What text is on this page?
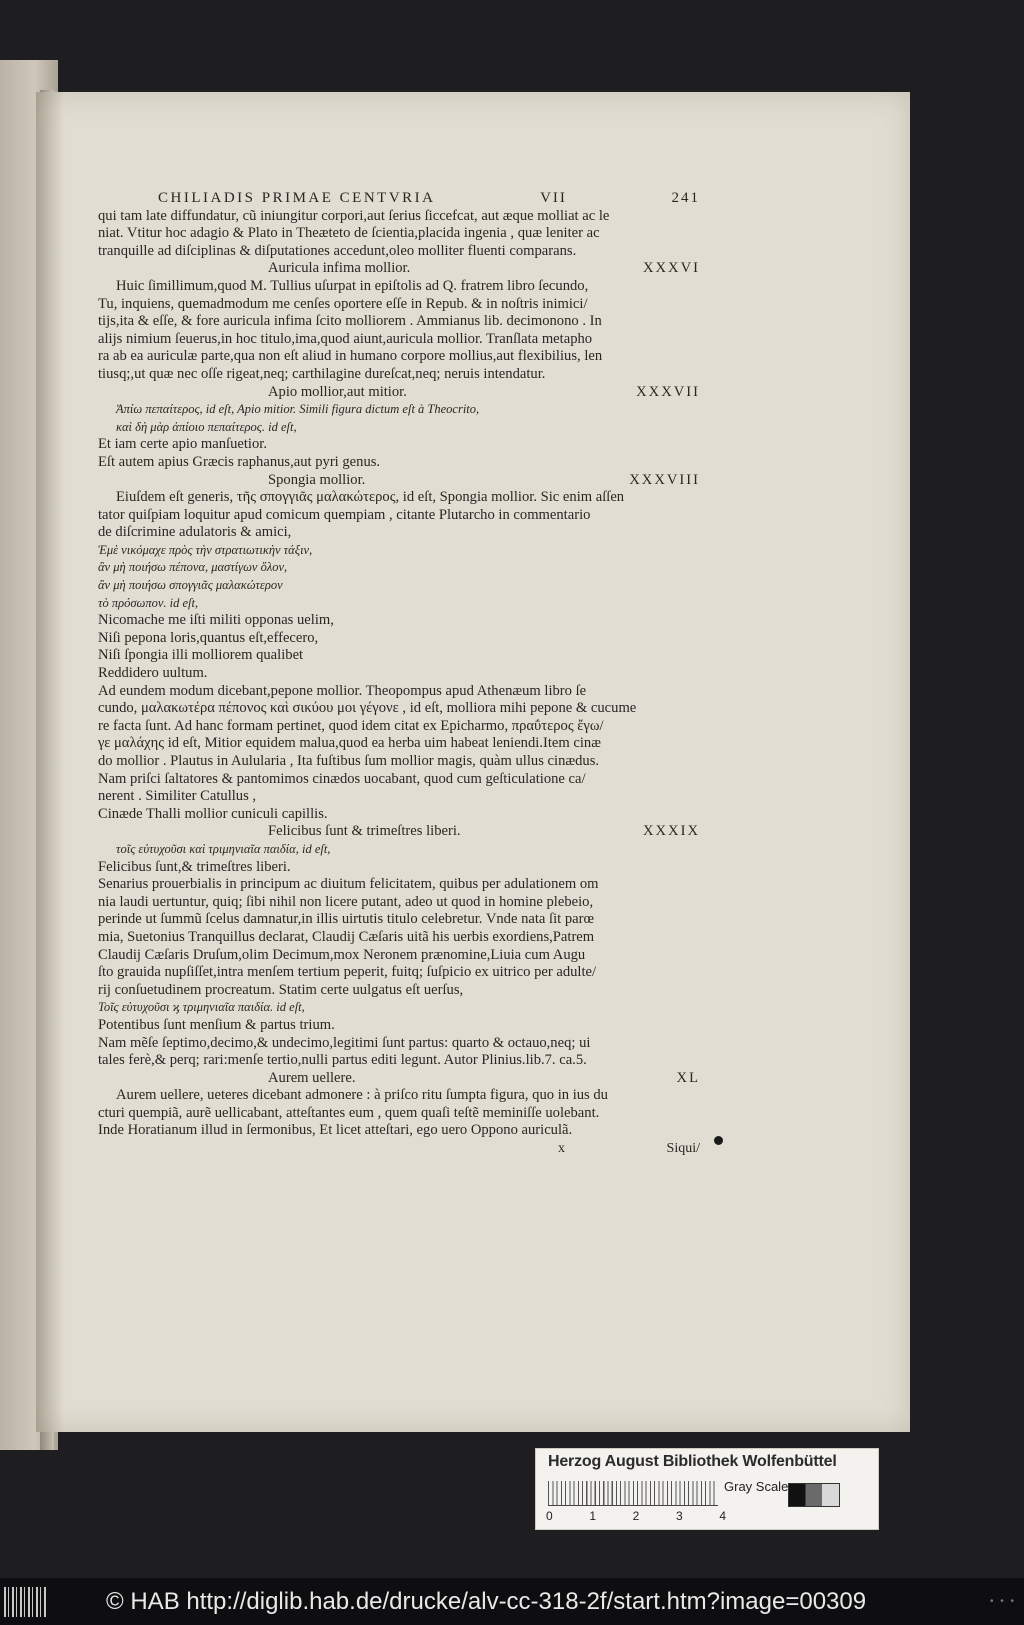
CHILIADIS PRIMAE CENTVRIA	VII	241
qui tam late diffundatur, cũ iniungitur corpori,aut ſerius ſiccefcat, aut æque molliat ac le
niat. Vtitur hoc adagio & Plato in Theæteto de ſcientia,placida ingenia , quæ leniter ac
tranquille ad diſciplinas & diſputationes accedunt,oleo molliter fluenti comparans.
Auricula infima mollior.	XXXVI
Huic ſimillimum,quod M. Tullius uſurpat in epiſtolis ad Q. fratrem libro ſecundo,
Tu, inquiens, quemadmodum me cenſes oportere eſſe in Repub. & in noſtris inimici/
tijs,ita & eſſe, & fore auricula infima ſcito molliorem . Ammianus lib. decimonono . In
alijs nimium ſeuerus,in hoc titulo,ima,quod aiunt,auricula mollior. Tranſlata metapho
ra ab ea auriculæ parte,qua non eſt aliud in humano corpore mollius,aut flexibilius, len
tiusq;,ut quæ nec oſſe rigeat,neq; carthilagine dureſcat,neq; neruis intendatur.
Apio mollior,aut mitior.	XXXVII
Ἀπίω πεπαίτερος, id eſt, Apio mitior. Simili figura dictum eſt à Theocrito,
καὶ δὴ μὰρ ἀπίοιο πεπαίτερος. id eſt,
Et iam certe apio manſuetior.
Eſt autem apius Græcis raphanus,aut pyri genus.
Spongia mollior.	XXXVIII
Eiuſdem eſt generis, τῆς σπογγιᾶς μαλακώτερος, id eſt, Spongia mollior. Sic enim aſſen
tator quiſpiam loquitur apud comicum quempiam , citante Plutarcho in commentario
de diſcrimine adulatoris & amici,
Ἐμὲ νικόμαχε πρὸς τὴν στρατιωτικὴν τάξιν,
ἂν μὴ ποιήσω πέπονα, μαστίγων ὅλον,
ἂν μὴ ποιήσω σπογγιᾶς μαλακώτερον
τὸ πρόσωπον. id eſt,
Nicomache me iſti militi opponas uelim,
Niſi pepona loris,quantus eſt,effecero,
Niſi ſpongia illi molliorem qualibet
Reddidero uultum.
Ad eundem modum dicebant,pepone mollior. Theopompus apud Athenæum libro ſe
cundo, μαλακωτέρα πέπονος καὶ σικύου μοι γέγονε , id eſt, molliora mihi pepone & cucume
re facta ſunt. Ad hanc formam pertinet, quod idem citat ex Epicharmo, πραΰτερος ἔγω/
γε μαλάχης id eſt, Mitior equidem malua,quod ea herba uim habeat leniendi.Item cinæ
do mollior . Plautus in Aulularia , Ita fuſtibus ſum mollior magis, quàm ullus cinædus.
Nam priſci ſaltatores & pantomimos cinædos uocabant, quod cum geſticulatione ca/
nerent . Similiter Catullus ,
Cinæde Thalli mollior cuniculi capillis.
Felicibus ſunt & trimeſtres liberi.	XXXIX
τοῖς εὐτυχοῦσι καὶ τριμηνιαῖα παιδία, id eſt,
Felicibus ſunt,& trimeſtres liberi.
Senarius prouerbialis in principum ac diuitum felicitatem, quibus per adulationem om
nia laudi uertuntur, quiq; ſibi nihil non licere putant, adeo ut quod in homine plebeio,
perinde ut ſummũ ſcelus damnatur,in illis uirtutis titulo celebretur. Vnde nata ſit parœ
mia, Suetonius Tranquillus declarat, Claudij Cæſaris uitã his uerbis exordiens,Patrem
Claudij Cæſaris Druſum,olim Decimum,mox Neronem prænomine,Liuia cum Augu
ſto grauida nupſiſſet,intra menſem tertium peperit, fuitq; ſuſpicio ex uitrico per adulte/
rij conſuetudinem procreatum. Statim certe uulgatus eſt uerſus,
Τοῖς εὐτυχοῦσι ϗ τριμηνιαῖα παιδία. id eſt,
Potentibus ſunt menſium & partus trium.
Nam mẽſe ſeptimo,decimo,& undecimo,legitimi ſunt partus: quarto & octauo,neq; ui
tales ferè,& perq; rari:menſe tertio,nulli partus editi legunt. Autor Plinius.lib.7. ca.5.
Aurem uellere.	XL
Aurem uellere, ueteres dicebant admonere : à priſco ritu ſumpta figura, quo in ius du
cturi quempiã, aurẽ uellicabant, atteſtantes eum , quem quaſi teſtẽ meminiſſe uolebant.
Inde Horatianum illud in ſermonibus, Et licet atteſtari, ego uero Oppono auriculã.
x	Siqui/
Herzog August Bibliothek Wolfenbüttel
0	1	2	3	4
Gray Scale
© HAB http://diglib.hab.de/drucke/alv-cc-318-2f/start.htm?image=00309	• • •
